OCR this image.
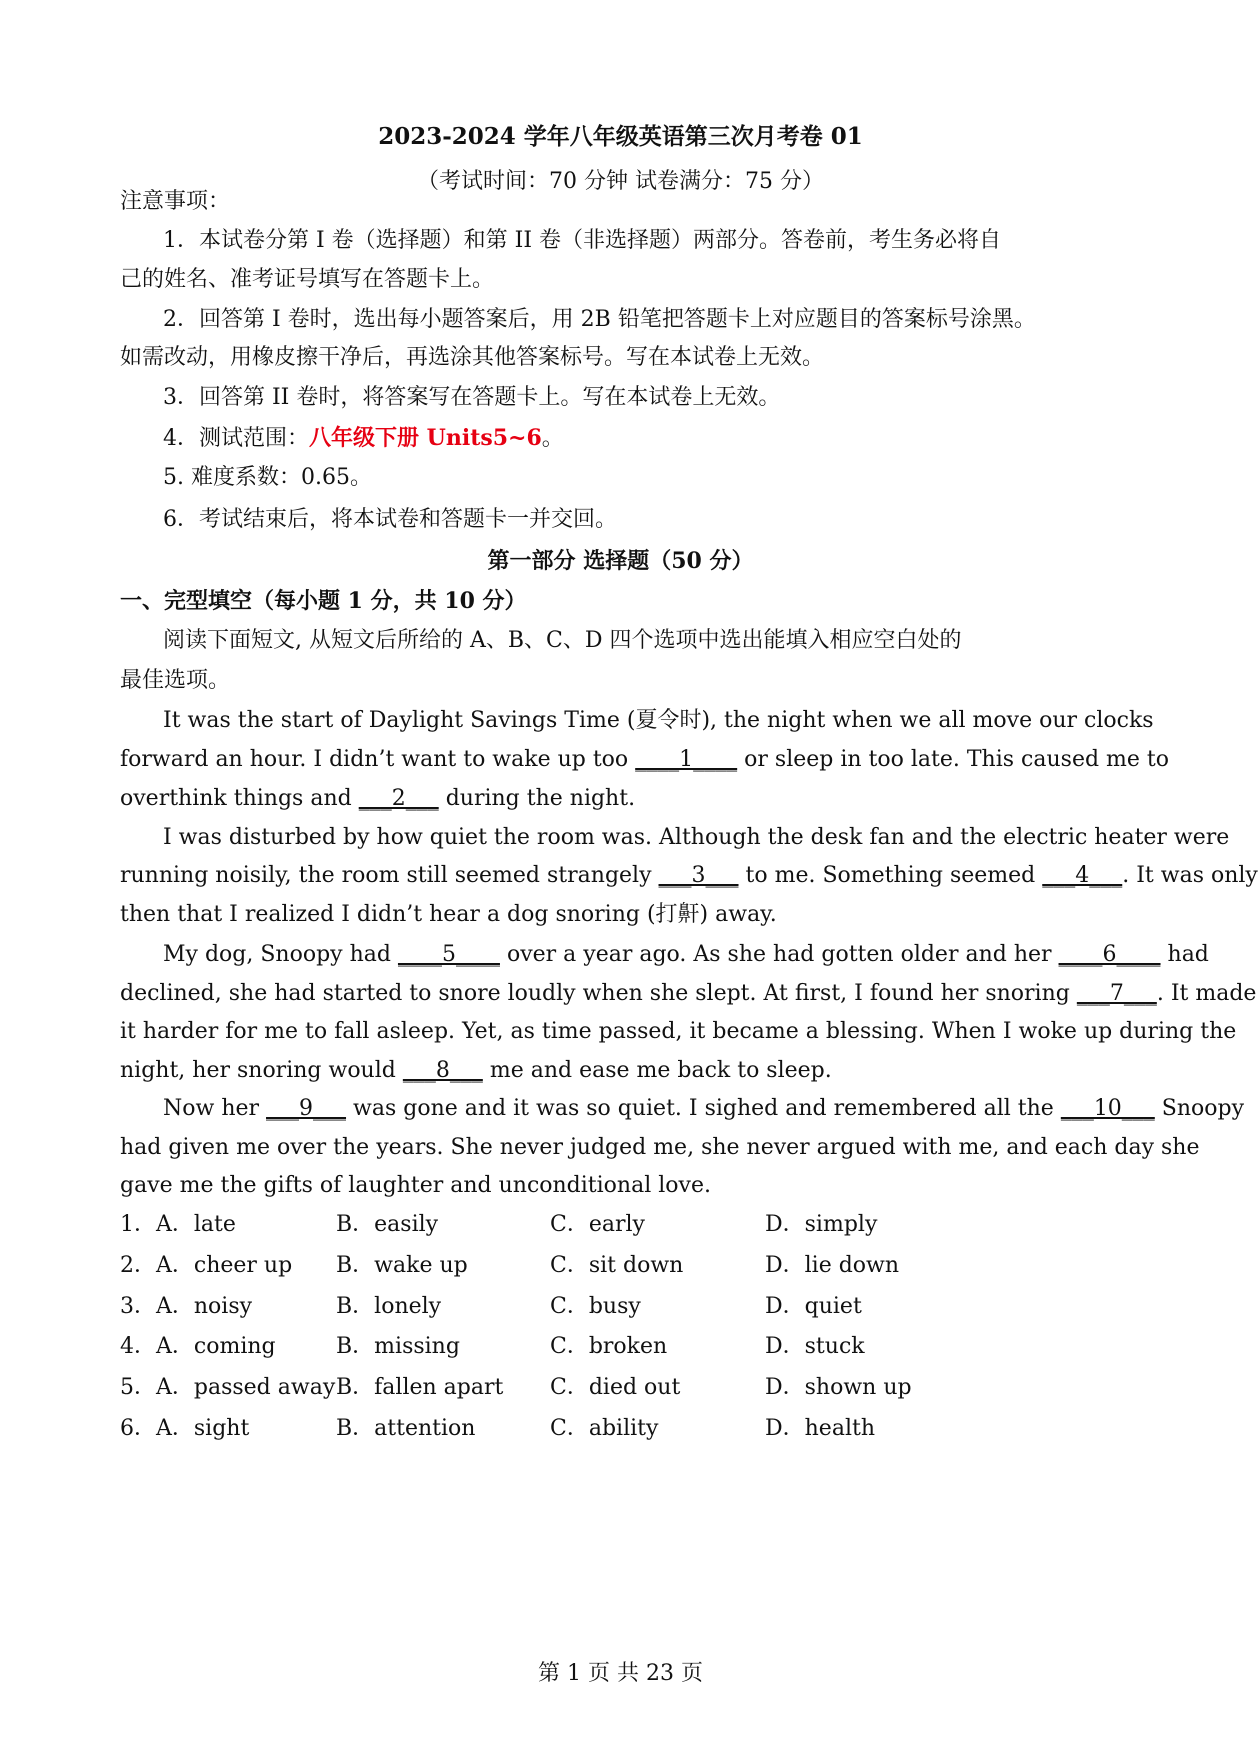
2023-2024 学年八年级英语第三次月考卷 01
（考试时间：70 分钟 试卷满分：75 分）
注意事项：
1．本试卷分第 I 卷（选择题）和第 II 卷（非选择题）两部分。答卷前，考生务必将自
己的姓名、准考证号填写在答题卡上。
2．回答第 I 卷时，选出每小题答案后，用 2B 铅笔把答题卡上对应题目的答案标号涂黑。
如需改动，用橡皮擦干净后，再选涂其他答案标号。写在本试卷上无效。
3．回答第 II 卷时，将答案写在答题卡上。写在本试卷上无效。
4．测试范围：八年级下册 Units5~6。
5. 难度系数：0.65。
6．考试结束后，将本试卷和答题卡一并交回。
第一部分 选择题（50 分）
一、完型填空（每小题 1 分，共 10 分）
阅读下面短文, 从短文后所给的 A、B、C、D 四个选项中选出能填入相应空白处的
最佳选项。
It was the start of Daylight Savings Time (夏令时), the night when we all move our clocks
forward an hour. I didn’t want to wake up too ____1____ or sleep in too late. This caused me to
overthink things and ___2___ during the night.
I was disturbed by how quiet the room was. Although the desk fan and the electric heater were
running noisily, the room still seemed strangely ___3___ to me. Something seemed ___4___. It was only
then that I realized I didn’t hear a dog snoring (打鼾) away.
My dog, Snoopy had ____5____ over a year ago. As she had gotten older and her ____6____ had
declined, she had started to snore loudly when she slept. At first, I found her snoring ___7___. It made
it harder for me to fall asleep. Yet, as time passed, it became a blessing. When I woke up during the
night, her snoring would ___8___ me and ease me back to sleep.
Now her ___9___ was gone and it was so quiet. I sighed and remembered all the ___10___ Snoopy
had given me over the years. She never judged me, she never argued with me, and each day she
gave me the gifts of laughter and unconditional love.
1． A．late	B．easily	C．early	D．simply
2． A．cheer up B．wake up	C．sit down	D．lie down
3． A．noisy	B．lonely	C．busy	D．quiet
4． A．coming	B．missing	C．broken	D．stuck
5． A．passed away B．fallen apart C．died out	D．shown up
6． A．sight	B．attention	C．ability	D．health
第 1 页 共 23 页
